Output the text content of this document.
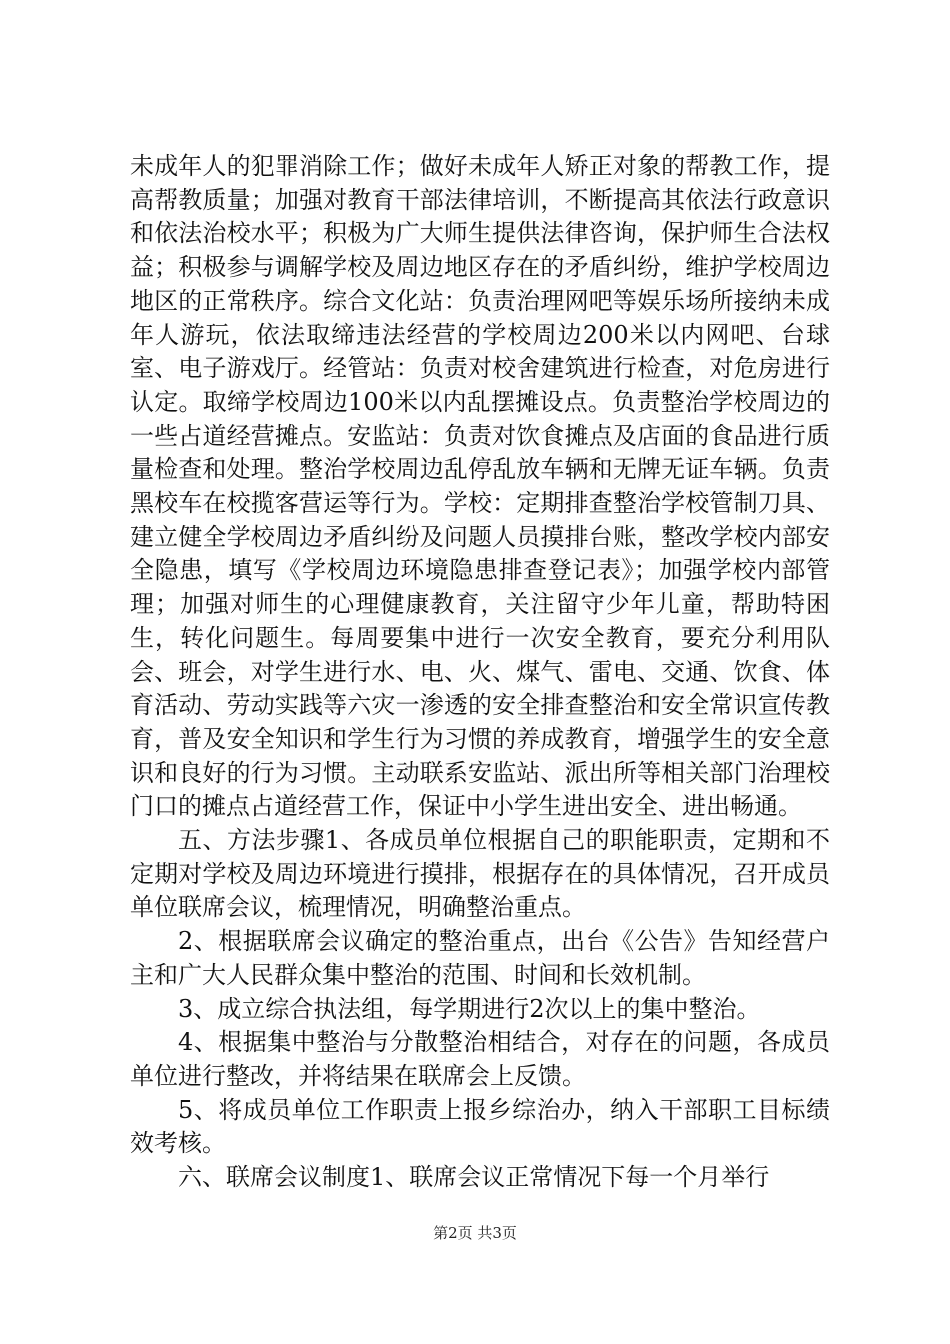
未成年人的犯罪消除工作；做好未成年人矫正对象的帮教工作，提高帮教质量；加强对教育干部法律培训，不断提高其依法行政意识和依法治校水平；积极为广大师生提供法律咨询，保护师生合法权益；积极参与调解学校及周边地区存在的矛盾纠纷，维护学校周边地区的正常秩序。综合文化站：负责治理网吧等娱乐场所接纳未成年人游玩，依法取缔违法经营的学校周边200米以内网吧、台球室、电子游戏厅。经管站：负责对校舍建筑进行检查，对危房进行认定。取缔学校周边100米以内乱摆摊设点。负责整治学校周边的一些占道经营摊点。安监站：负责对饮食摊点及店面的食品进行质量检查和处理。整治学校周边乱停乱放车辆和无牌无证车辆。负责黑校车在校揽客营运等行为。学校：定期排查整治学校管制刀具、建立健全学校周边矛盾纠纷及问题人员摸排台账，整改学校内部安全隐患，填写《学校周边环境隐患排查登记表》；加强学校内部管理；加强对师生的心理健康教育，关注留守少年儿童，帮助特困生，转化问题生。每周要集中进行一次安全教育，要充分利用队会、班会，对学生进行水、电、火、煤气、雷电、交通、饮食、体育活动、劳动实践等六灾一渗透的安全排查整治和安全常识宣传教育，普及安全知识和学生行为习惯的养成教育，增强学生的安全意识和良好的行为习惯。主动联系安监站、派出所等相关部门治理校门口的摊点占道经营工作，保证中小学生进出安全、进出畅通。

五、方法步骤1、各成员单位根据自己的职能职责，定期和不定期对学校及周边环境进行摸排，根据存在的具体情况，召开成员单位联席会议，梳理情况，明确整治重点。

2、根据联席会议确定的整治重点，出台《公告》告知经营户主和广大人民群众集中整治的范围、时间和长效机制。

3、成立综合执法组，每学期进行2次以上的集中整治。

4、根据集中整治与分散整治相结合，对存在的问题，各成员单位进行整改，并将结果在联席会上反馈。

5、将成员单位工作职责上报乡综治办，纳入干部职工目标绩效考核。

六、联席会议制度1、联席会议正常情况下每一个月举行

第2页 共3页
